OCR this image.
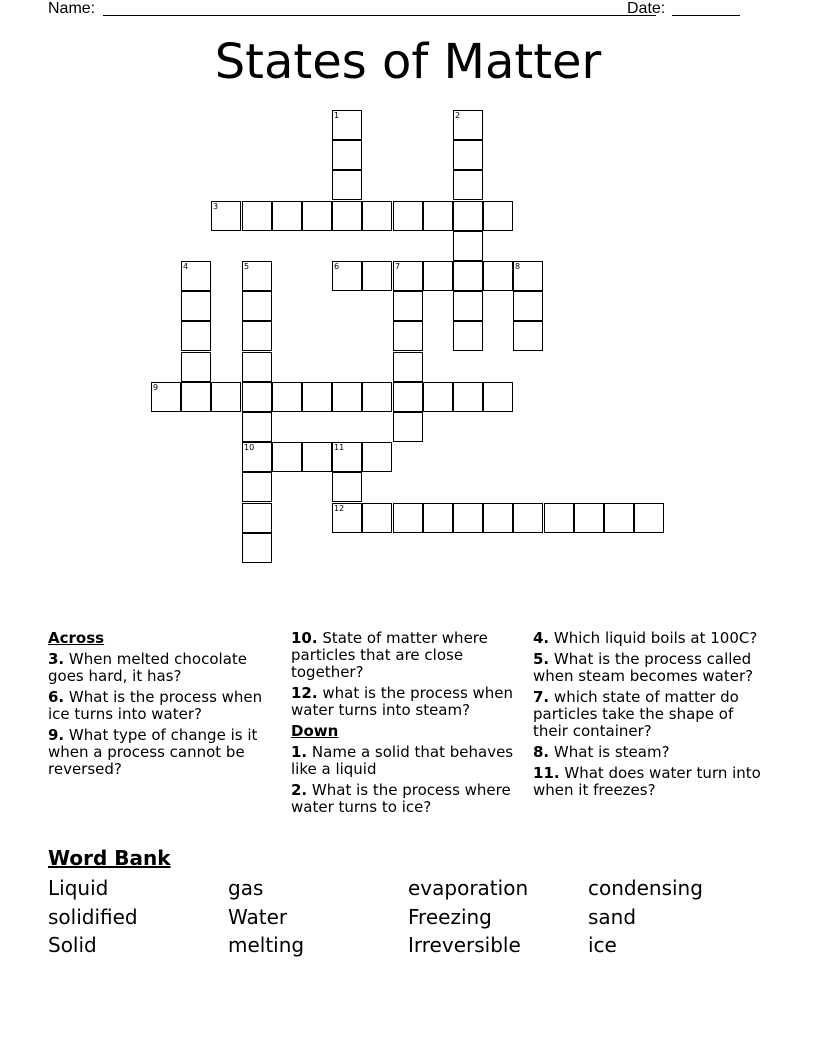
Name:	Date:
States of Matter
1	2
3
4	5	6	7	8
9
10	11
12
Across
3. When melted chocolate goes hard, it has?
6. What is the process when ice turns into water?
9. What type of change is it when a process cannot be reversed?
10. State of matter where particles that are close together?
12. what is the process when water turns into steam?
Down
1. Name a solid that behaves like a liquid
2. What is the process where water turns to ice?
4. Which liquid boils at 100C?
5. What is the process called when steam becomes water?
7. which state of matter do particles take the shape of their container?
8. What is steam?
11. What does water turn into when it freezes?
Word Bank
Liquid	gas	evaporation	condensing
solidified	Water	Freezing	sand
Solid	melting	Irreversible	ice
